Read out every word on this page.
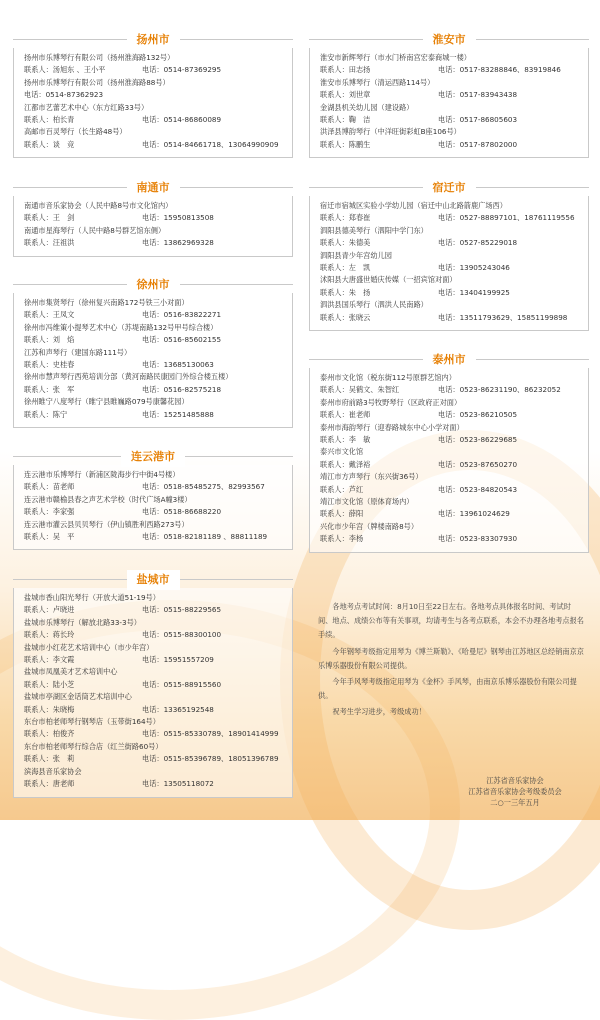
扬州市
扬州市乐博琴行有限公司（扬州淮海路132号）
联系人：汤旭东 、王小平	电话：0514-87369295
扬州市乐博琴行有限公司（扬州淮海路88号）
电话：0514-87362923
江都市艺蕾艺术中心（东方红路33号）
联系人：柏长青	电话：0514-86860089
高邮市百灵琴行（长生路48号）
联系人：谈　竞	电话：0514-84661718、13064990909
南通市
南通市音乐家协会（人民中路8号市文化馆内）
联系人：王　剑	电话：15950813508
南通市星海琴行（人民中路8号群艺馆东侧）
联系人：汪祖洪	电话：13862969328
徐州市
徐州市集贤琴行（徐州复兴南路172号铁三小对面）
联系人：王凤文	电话：0516-83822271
徐州市冯维策小提琴艺术中心（苏堤南路132号甲号综合楼）
联系人：刘　焰	电话：0516-85602155
江苏和声琴行（建国东路111号）
联系人：史桂春	电话：13685130063
徐州市慧声琴行西苑培训分部（黄河南路民康园门外综合楼五楼）
联系人：张　军	电话：0516-82575218
徐州睢宁八度琴行（睢宁县睢巍路079号康馨花园）
联系人：陈宁	电话：15251485888
连云港市
连云港市乐博琴行（新浦区陇海步行中街4号楼）
联系人：苗老师	电话：0518-85485275、82993567
连云港市赣榆县春之声艺术学校（时代广场A幢3楼）
联系人：李家强	电话：0518-86688220
连云港市灌云县贝贝琴行（伊山镇胜利西路273号）
联系人：吴　平	电话：0518-82181189 、88811189
盐城市
盐城市香山阳光琴行（开放大道51-19号）
联系人：卢晓进	电话：0515-88229565
盐城市乐博琴行（解放北路33-3号）
联系人：蒋长玲	电话：0515-88300100
盐城市小红花艺术培训中心（市少年宫）
联系人：李文霞	电话：15951557209
盐城市凤凰美才艺术培训中心
联系人：陆小芝	电话：0515-88915560
盐城市亭湖区金话筒艺术培训中心
联系人：朱晓梅	电话：13365192548
东台市柏老师琴行钢琴店（玉带街164号）
联系人：柏俊齐	电话：0515-85330789、18901414999
东台市柏老师琴行综合店（红兰街路60号）
联系人：张　莉	电话：0515-85396789、18051396789
滨海县音乐家协会
联系人：唐老师	电话：13505118072
淮安市
淮安市新辉琴行（市水门桥南宫宏泰商城一楼）
联系人：田志扬	电话：0517-83288846、83919846
淮安市乐博琴行（清运西路114号）
联系人：刘世章	电话：0517-83943438
金湖县机关幼儿园（建设路）
联系人：鞠　洁	电话：0517-86805603
洪泽县博韵琴行（中洋旺街彩虹B座106号）
联系人：陈鹏生	电话：0517-87802000
宿迁市
宿迁市宿城区实验小学幼儿园（宿迁中山北路箭鹿广场西）
联系人：郑春崔	电话：0527-88897101、18761119556
泗阳县德美琴行（泗阳中学门东）
联系人：朱德美	电话：0527-85229018
泗阳县青少年宫幼儿园
联系人：左　凯	电话：13905243046
沭阳县大唐盛世婚庆传媒（一招宾馆对面）
联系人：朱　扬	电话：13404199925
泗洪县国乐琴行（泗洪人民南路）
联系人：张晓云	电话：13511793629、15851199898
泰州市
泰州市文化馆（税东街112号原群艺馆内）
联系人：吴鹤文、朱智红	电话：0523-86231190、86232052
泰州市府前路3号牧野琴行（区政府正对面）
联系人：崔老师	电话：0523-86210505
泰州市海韵琴行（迎春路城东中心小学对面）
联系人：李　敏	电话：0523-86229685
泰兴市文化馆
联系人：戴泽裕	电话：0523-87650270
靖江市方声琴行（东兴街36号）
联系人：芦红	电话：0523-84820543
靖江市文化馆（原体育场内）
联系人：薛阳	电话：13961024629
兴化市少年宫（牌楼南路8号）
联系人：李杨	电话：0523-83307930

各地考点考试时间：8月10日至22日左右。各地考点具体报名时间、考试时间、地点、成绩公布等有关事项，均请考生与各考点联系，本会不办理各地考点报名手续。

今年钢琴考级指定用琴为《博兰斯勒》、《哈曼尼》钢琴由江苏地区总经销南京京乐博乐器股份有限公司提供。

今年手风琴考级指定用琴为《金杯》手风琴，由南京乐博乐器股份有限公司提供。

祝考生学习进步，考级成功！

江苏省音乐家协会
江苏省音乐家协会考级委员会
二○一三年五月
